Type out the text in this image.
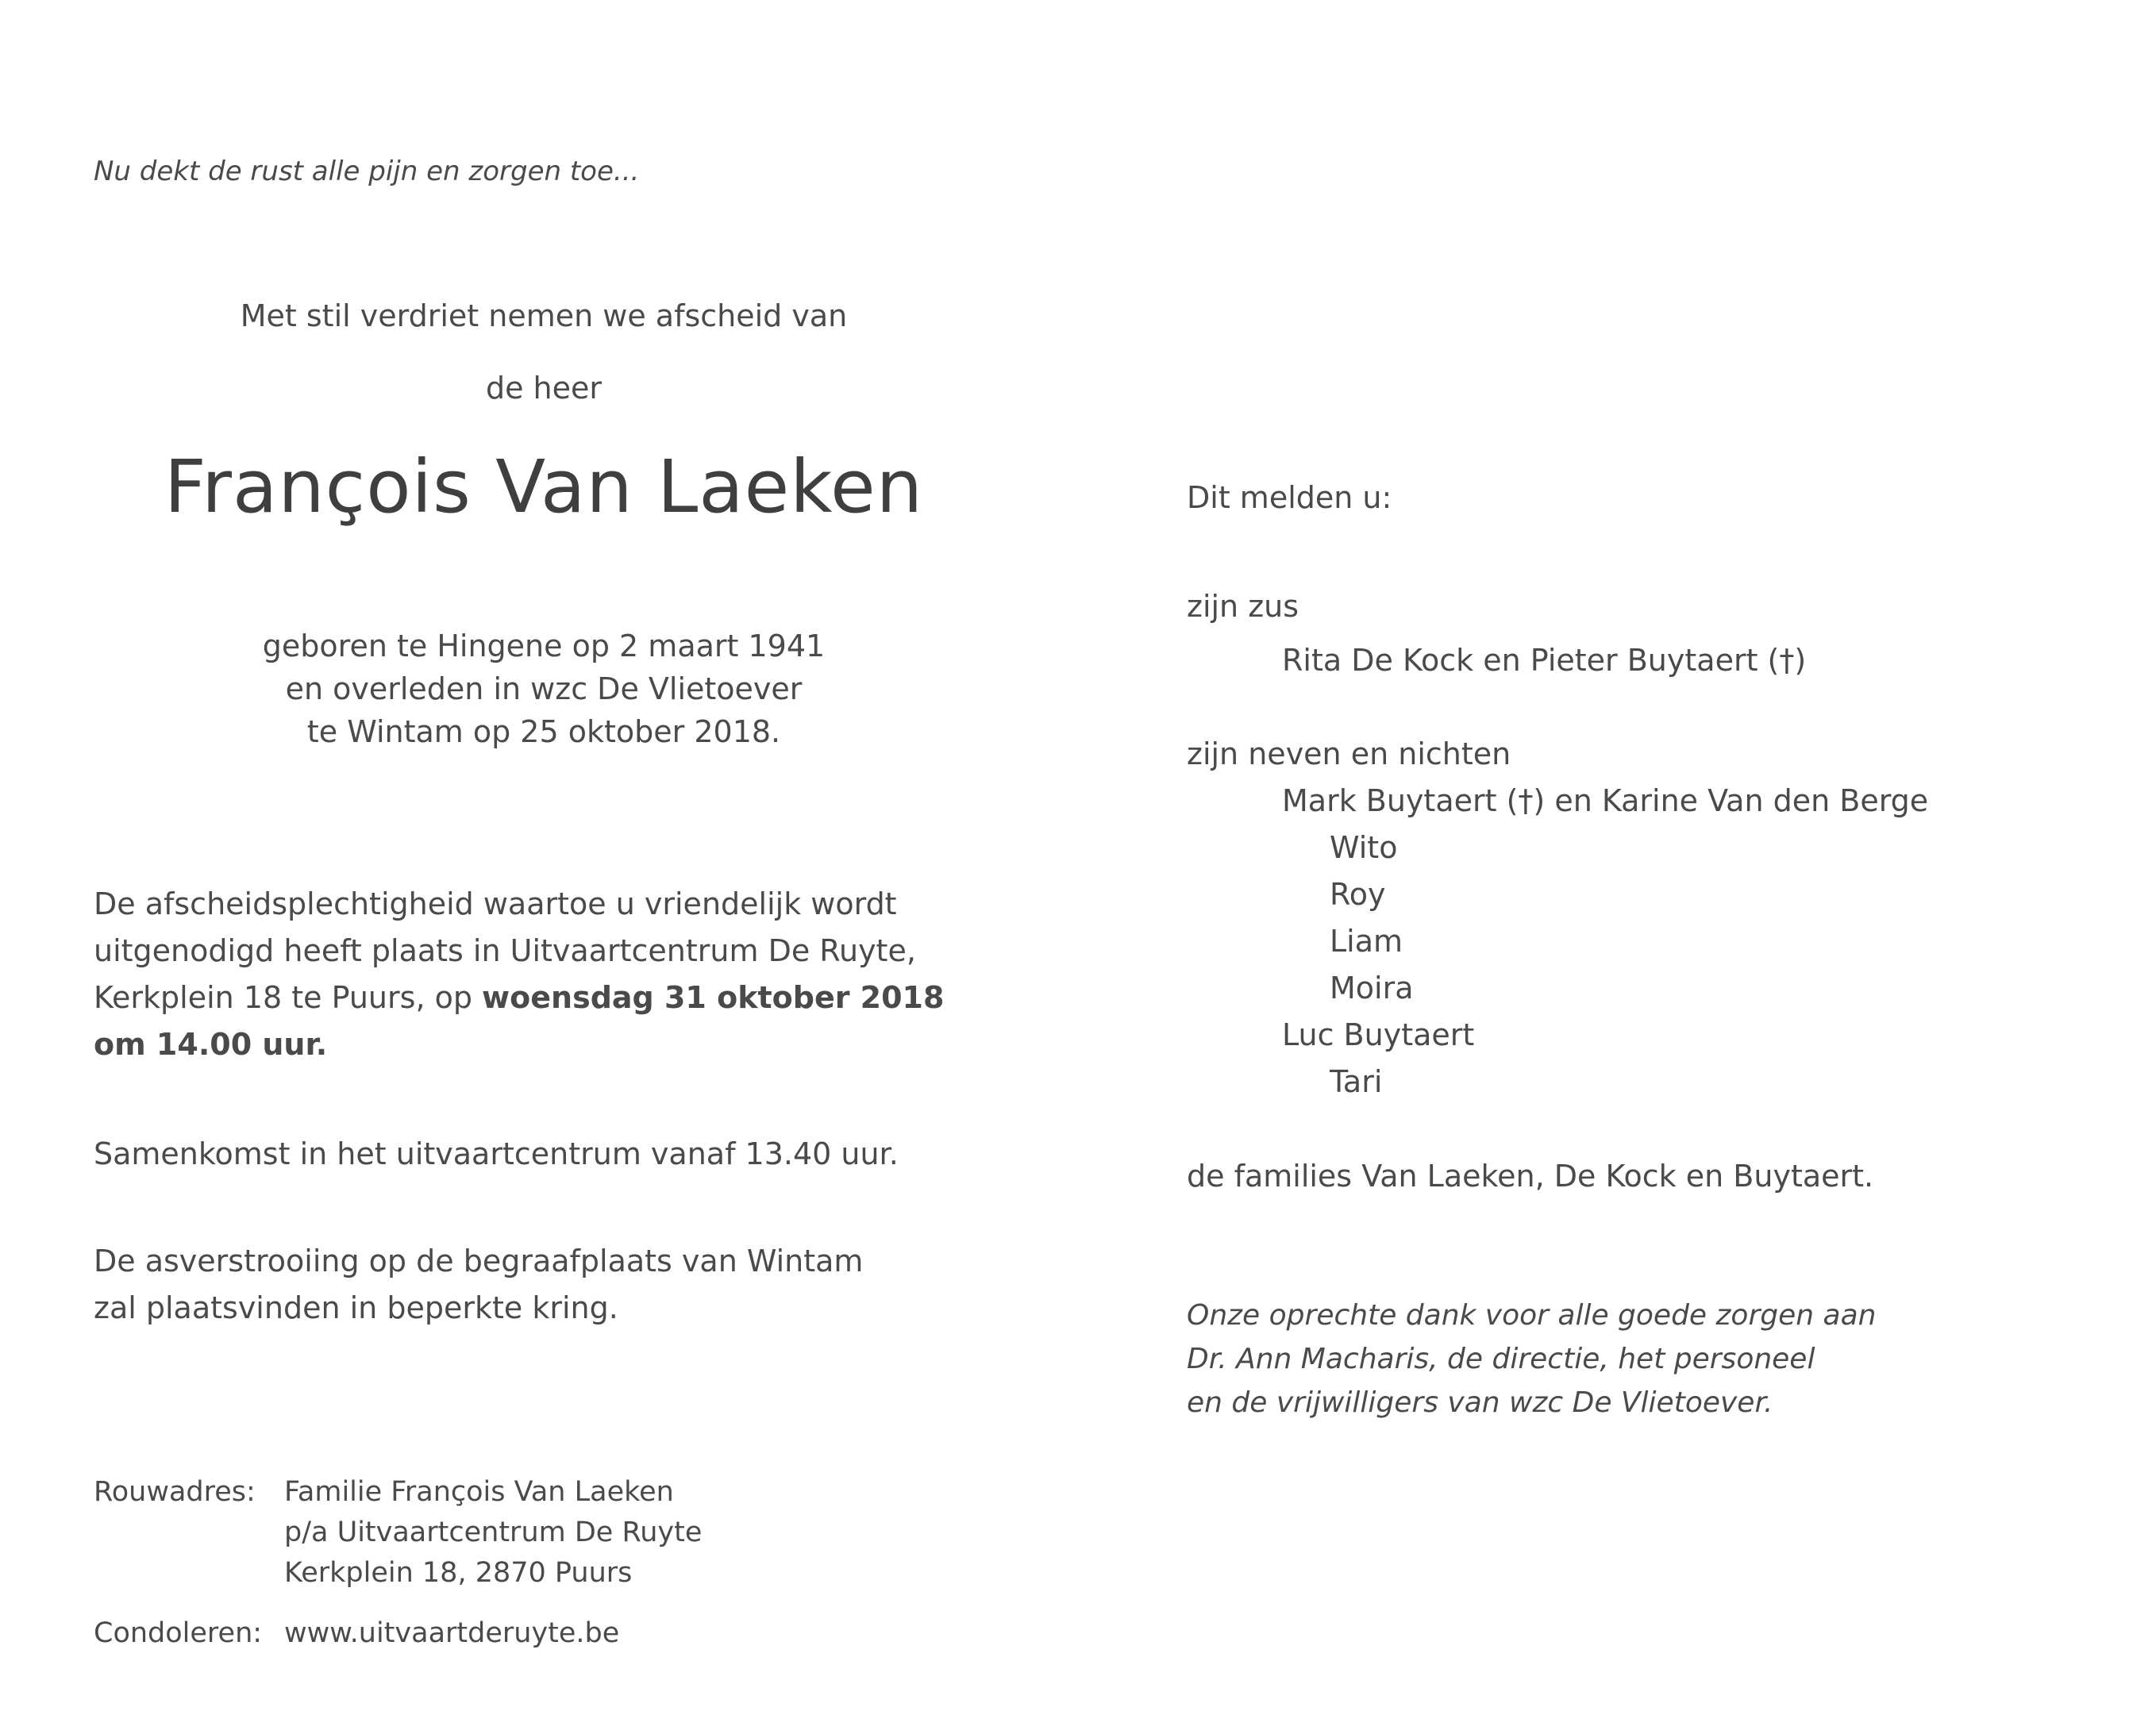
Nu dekt de rust alle pijn en zorgen toe...
Met stil verdriet nemen we afscheid van
de heer
François Van Laeken
geboren te Hingene op 2 maart 1941
en overleden in wzc De Vlietoever
te Wintam op 25 oktober 2018.
De afscheidsplechtigheid waartoe u vriendelijk wordt
uitgenodigd heeft plaats in Uitvaartcentrum De Ruyte,
Kerkplein 18 te Puurs, op woensdag 31 oktober 2018
om 14.00 uur.
Samenkomst in het uitvaartcentrum vanaf 13.40 uur.
De asverstrooiing op de begraafplaats van Wintam
zal plaatsvinden in beperkte kring.
Rouwadres: Familie François Van Laeken
p/a Uitvaartcentrum De Ruyte
Kerkplein 18, 2870 Puurs
Condoleren: www.uitvaartderuyte.be
Dit melden u:
zijn zus
Rita De Kock en Pieter Buytaert (†)
zijn neven en nichten
Mark Buytaert (†) en Karine Van den Berge
Wito
Roy
Liam
Moira
Luc Buytaert
Tari
de families Van Laeken, De Kock en Buytaert.
Onze oprechte dank voor alle goede zorgen aan
Dr. Ann Macharis, de directie, het personeel
en de vrijwilligers van wzc De Vlietoever.
